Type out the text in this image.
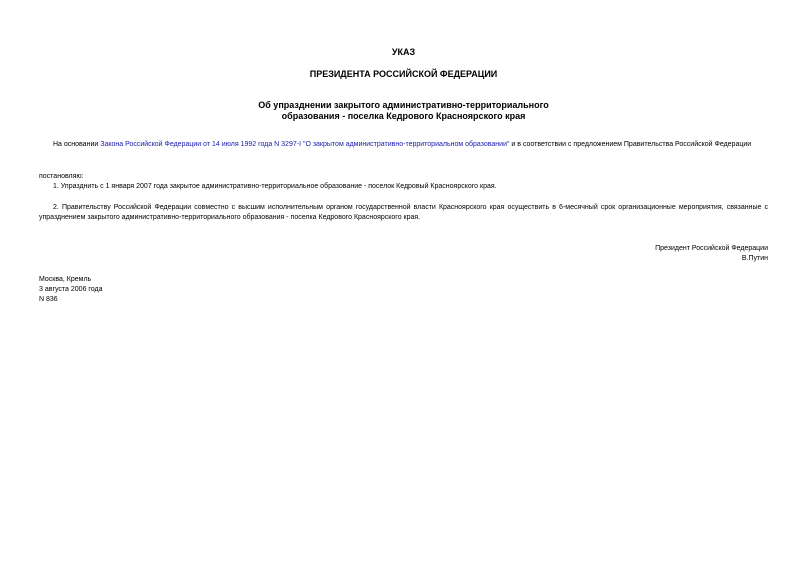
УКАЗ
ПРЕЗИДЕНТА РОССИЙСКОЙ ФЕДЕРАЦИИ
Об упразднении закрытого административно-территориального
образования - поселка Кедрового Красноярского края
На основании Закона Российской Федерации от 14 июля 1992 года N 3297-I "О закрытом административно-территориальном образовании" и в соответствии с предложением Правительства Российской Федерации
постановляю:
1. Упразднить с 1 января 2007 года закрытое административно-территориальное образование - поселок Кедровый Красноярского края.
2. Правительству Российской Федерации совместно с высшим исполнительным органом государственной власти Красноярского края осуществить в 6-месячный срок организационные мероприятия, связанные с упразднением закрытого административно-территориального образования - поселка Кедрового Красноярского края.
Президент Российской Федерации
В.Путин
Москва, Кремль
3 августа 2006 года
N 836
